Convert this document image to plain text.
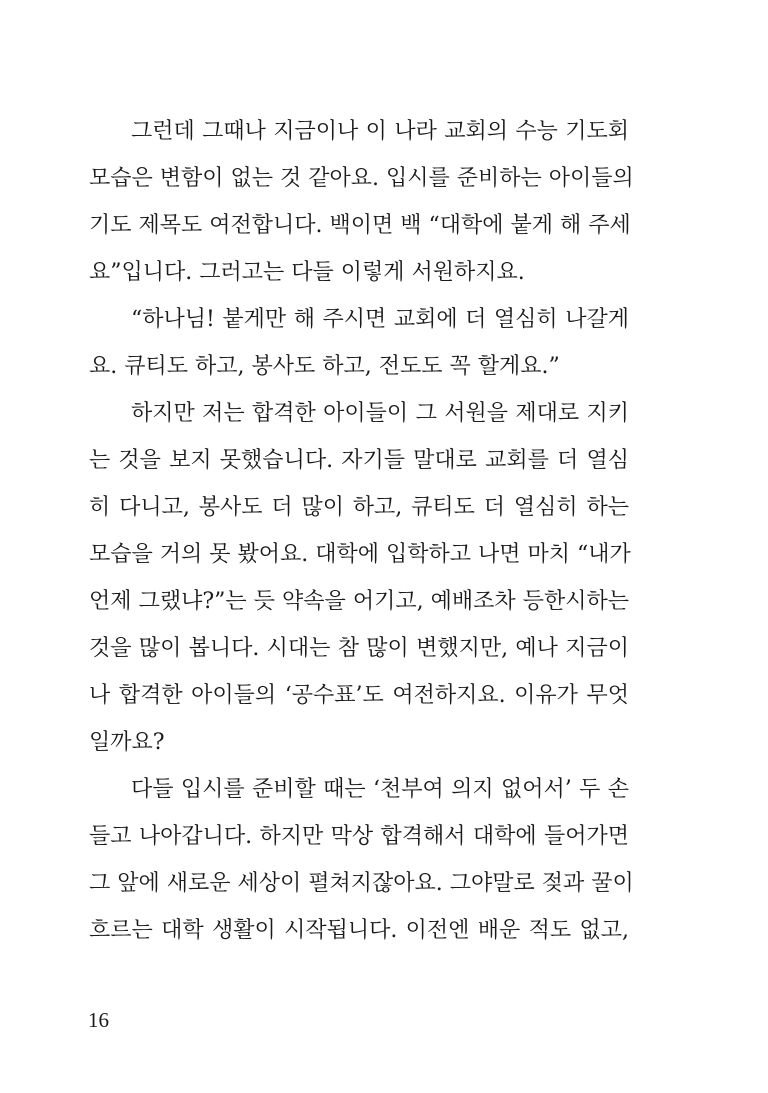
그런데 그때나 지금이나 이 나라 교회의 수능 기도회
모습은 변함이 없는 것 같아요. 입시를 준비하는 아이들의
기도 제목도 여전합니다. 백이면 백 “대학에 붙게 해 주세
요”입니다. 그러고는 다들 이렇게 서원하지요.
“하나님! 붙게만 해 주시면 교회에 더 열심히 나갈게
요. 큐티도 하고, 봉사도 하고, 전도도 꼭 할게요.”
하지만 저는 합격한 아이들이 그 서원을 제대로 지키
는 것을 보지 못했습니다. 자기들 말대로 교회를 더 열심
히 다니고, 봉사도 더 많이 하고, 큐티도 더 열심히 하는
모습을 거의 못 봤어요. 대학에 입학하고 나면 마치 “내가
언제 그랬냐?”는 듯 약속을 어기고, 예배조차 등한시하는
것을 많이 봅니다. 시대는 참 많이 변했지만, 예나 지금이
나 합격한 아이들의 ‘공수표’도 여전하지요. 이유가 무엇
일까요?
다들 입시를 준비할 때는 ‘천부여 의지 없어서’ 두 손
들고 나아갑니다. 하지만 막상 합격해서 대학에 들어가면
그 앞에 새로운 세상이 펼쳐지잖아요. 그야말로 젖과 꿀이
흐르는 대학 생활이 시작됩니다. 이전엔 배운 적도 없고,
16
